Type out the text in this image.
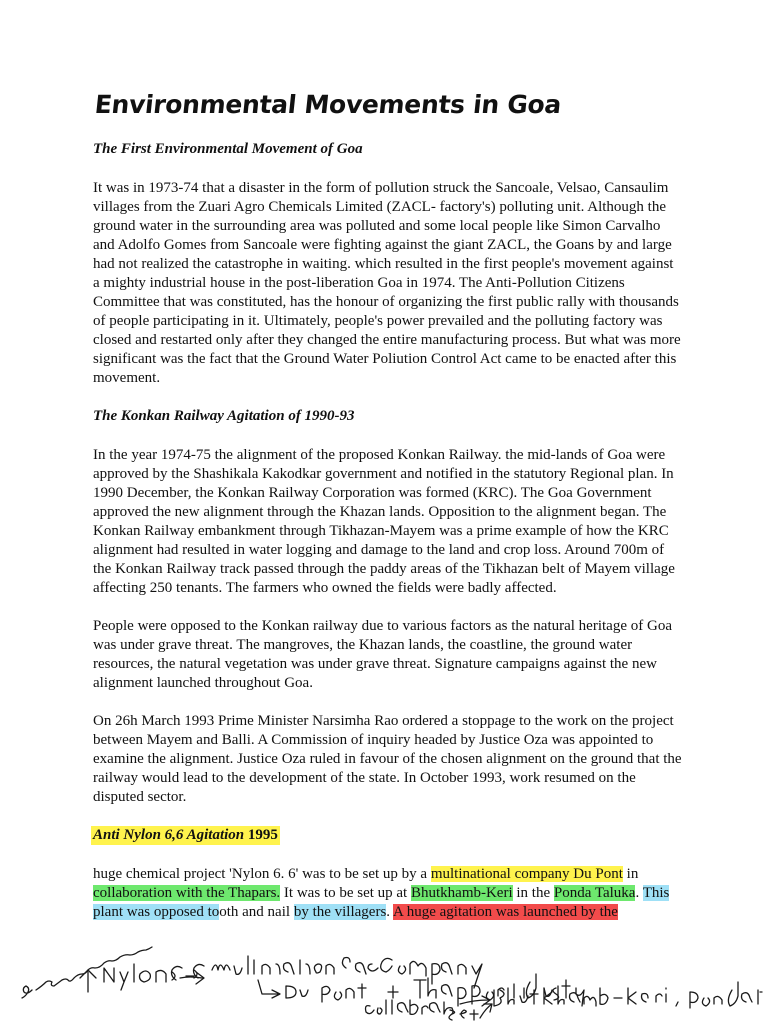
Environmental Movements in Goa
The First Environmental Movement of Goa

It was in 1973-74 that a disaster in the form of pollution struck the Sancoale, Velsao, Cansaulim villages from the Zuari Agro Chemicals Limited (ZACL- factory's) polluting unit. Although the ground water in the surrounding area was polluted and some local people like Simon Carvalho and Adolfo Gomes from Sancoale were fighting against the giant ZACL, the Goans by and large had not realized the catastrophe in waiting. which resulted in the first people's movement against a mighty industrial house in the post-liberation Goa in 1974. The Anti-Pollution Citizens Committee that was constituted, has the honour of organizing the first public rally with thousands of people participating in it. Ultimately, people's power prevailed and the polluting factory was closed and restarted only after they changed the entire manufacturing process. But what was more significant was the fact that the Ground Water Poliution Control Act came to be enacted after this movement.

The Konkan Railway Agitation of 1990-93

In the year 1974-75 the alignment of the proposed Konkan Railway. the mid-lands of Goa were approved by the Shashikala Kakodkar government and notified in the statutory Regional plan. In 1990 December, the Konkan Railway Corporation was formed (KRC). The Goa Government approved the new alignment through the Khazan lands. Opposition to the alignment began. The Konkan Railway embankment through Tikhazan-Mayem was a prime example of how the KRC alignment had resulted in water logging and damage to the land and crop loss. Around 700m of the Konkan Railway track passed through the paddy areas of the Tikhazan belt of Mayem village affecting 250 tenants. The farmers who owned the fields were badly affected.

People were opposed to the Konkan railway due to various factors as the natural heritage of Goa was under grave threat. The mangroves, the Khazan lands, the coastline, the ground water resources, the natural vegetation was under grave threat. Signature campaigns against the new alignment launched throughout Goa.

On 26h March 1993 Prime Minister Narsimha Rao ordered a stoppage to the work on the project between Mayem and Balli. A Commission of inquiry headed by Justice Oza was appointed to examine the alignment. Justice Oza ruled in favour of the chosen alignment on the ground that the railway would lead to the development of the state. In October 1993, work resumed on the disputed sector.

Anti Nylon 6,6 Agitation 1995

huge chemical project 'Nylon 6. 6' was to be set up by a multinational company Du Pont in collaboration with the Thapars. It was to be set up at Bhutkhamb-Keri in the Ponda Taluka. This plant was opposed tooth and nail by the villagers. A huge agitation was launched by the
